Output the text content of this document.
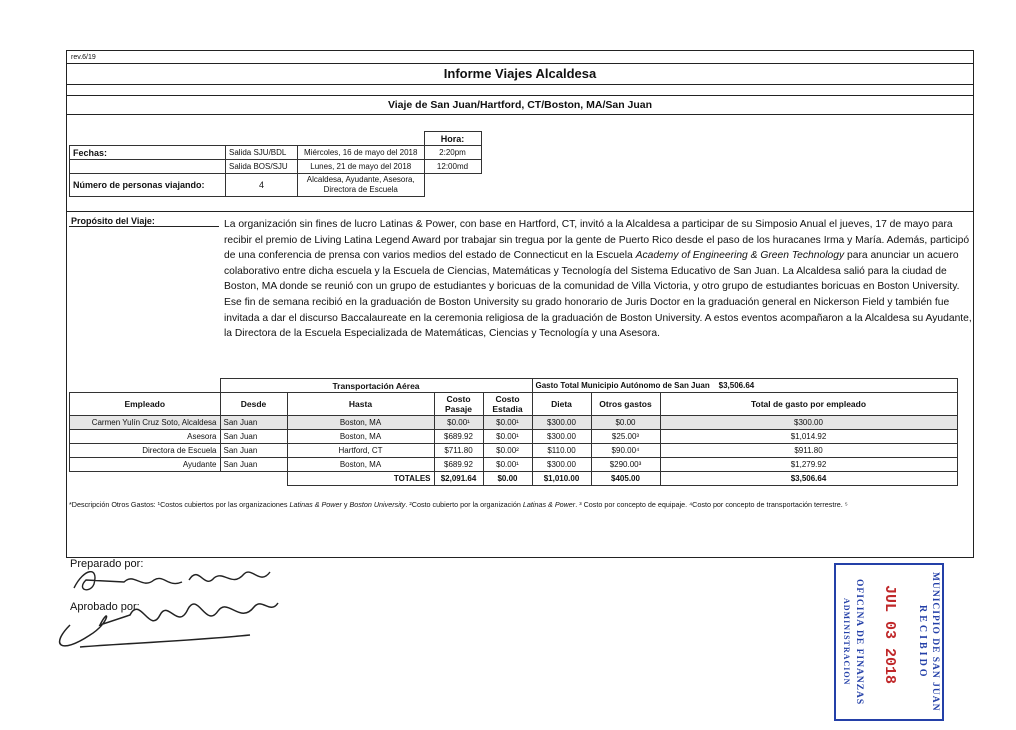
rev.6/19
Informe Viajes Alcaldesa
Viaje de San Juan/Hartford, CT/Boston, MA/San Juan
			Hora:
Fechas:	Salida SJU/BDL	Miércoles, 16 de mayo del 2018	2:20pm
	Salida BOS/SJU	Lunes, 21 de mayo del 2018	12:00md
Número de personas viajando:	4	Alcaldesa, Ayudante, Asesora, Directora de Escuela	
Propósito del Viaje:	La organización sin fines de lucro Latinas & Power, con base en Hartford, CT, invitó a la Alcaldesa a participar de su Simposio Anual el jueves, 17 de mayo para recibir el premio de Living Latina Legend Award por trabajar sin tregua por la gente de Puerto Rico desde el paso de los huracanes Irma y María. Además, participó de una conferencia de prensa con varios medios del estado de Connecticut en la Escuela Academy of Engineering & Green Technology para anunciar un acuero colaborativo entre dicha escuela y la Escuela de Ciencias, Matemáticas y Tecnología del Sistema Educativo de San Juan. La Alcaldesa salió para la ciudad de Boston, MA donde se reunió con un grupo de estudiantes y boricuas de la comunidad de Villa Victoria, y otro grupo de estudiantes boricuas en Boston University. Ese fin de semana recibió en la graduación de Boston University su grado honorario de Juris Doctor en la graduación general en Nickerson Field y también fue invitada a dar el discurso Baccalaureate en la ceremonia religiosa de la graduación de Boston University. A estos eventos acompañaron a la Alcaldesa su Ayudante, la Directora de la Escuela Especializada de Matemáticas, Ciencias y Tecnología y una Asesora.
	Transportación Aérea				Gasto Total Municipio Autónomo de San Juan $3,506.64		
Empleado	Desde	Hasta	Costo Pasaje	Costo Estadia	Dieta	Otros gastos	Total de gasto por empleado
Carmen Yulín Cruz Soto, Alcaldesa	San Juan	Boston, MA	$0.00¹	$0.00¹	$300.00	$0.00	$300.00
Asesora	San Juan	Boston, MA	$689.92	$0.00¹	$300.00	$25.00³	$1,014.92
Directora de Escuela	San Juan	Hartford, CT	$711.80	$0.00²	$110.00	$90.00⁴	$911.80
Ayudante	San Juan	Boston, MA	$689.92	$0.00¹	$300.00	$290.00³	$1,279.92
		TOTALES	$2,091.64	$0.00	$1,010.00	$405.00	$3,506.64
*Descripción Otros Gastos: ¹Costos cubiertos por las organizaciones Latinas & Power y Boston University. ²Costo cubierto por la organización Latinas & Power. ³ Costo por concepto de equipaje. ⁴Costo por concepto de transportación terrestre. ⁵
Preparado por:
Aprobado por:	RECIBIDO MUNICIPIO DE SAN JUAN
JUL 03 2018
OFICINA DE FINANZAS
ADMINISTRACION
